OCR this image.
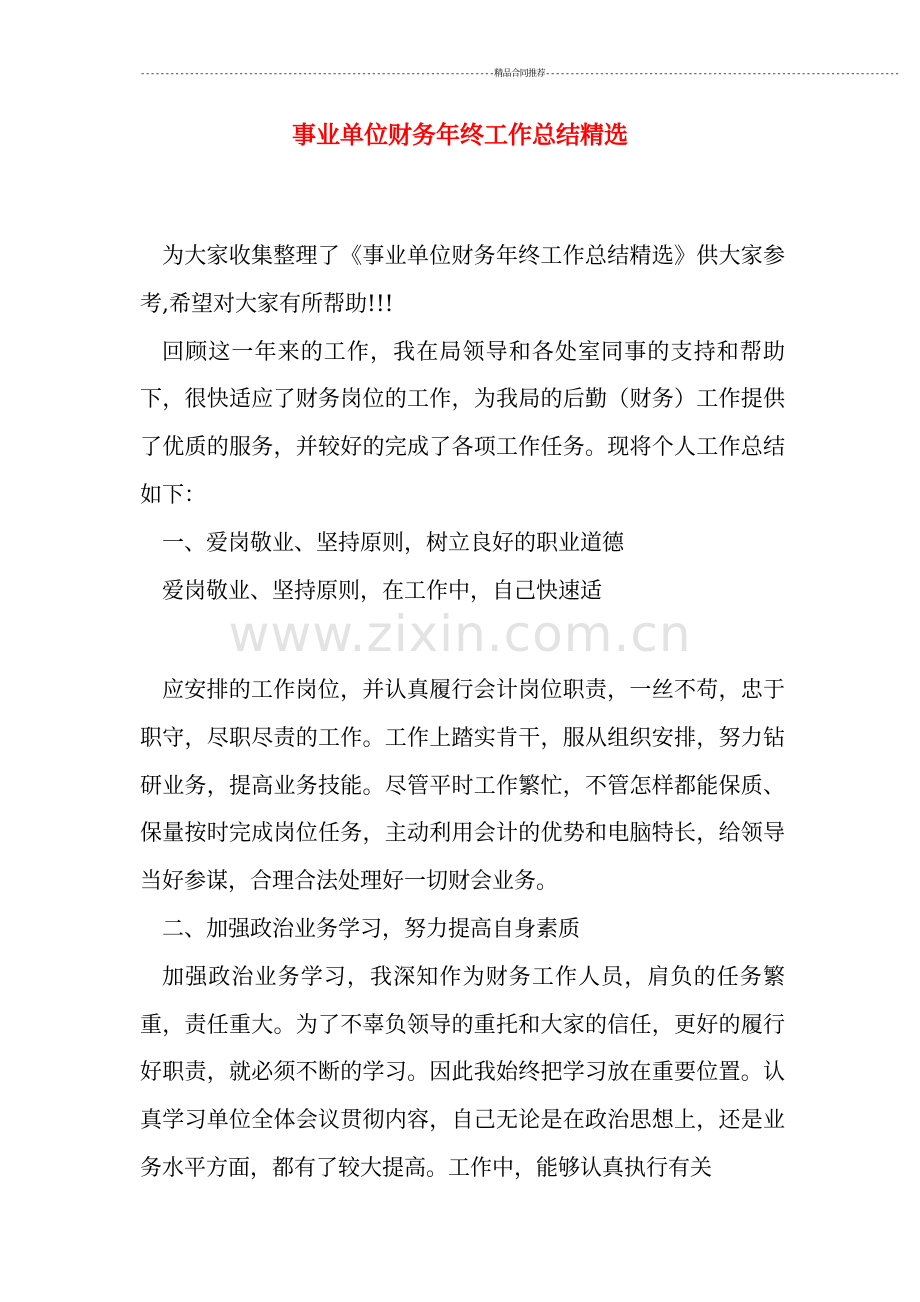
------------------------------------------------------------------------精品合同推荐------------------------------------------------------------------------
事业单位财务年终工作总结精选

为大家收集整理了《事业单位财务年终工作总结精选》供大家参考,希望对大家有所帮助!!!

回顾这一年来的工作，我在局领导和各处室同事的支持和帮助下，很快适应了财务岗位的工作，为我局的后勤（财务）工作提供了优质的服务，并较好的完成了各项工作任务。现将个人工作总结如下：

一、爱岗敬业、坚持原则，树立良好的职业道德

爱岗敬业、坚持原则，在工作中，自己快速适

www.zixin.com.cn

应安排的工作岗位，并认真履行会计岗位职责，一丝不苟，忠于职守，尽职尽责的工作。工作上踏实肯干，服从组织安排，努力钻研业务，提高业务技能。尽管平时工作繁忙，不管怎样都能保质、保量按时完成岗位任务，主动利用会计的优势和电脑特长，给领导当好参谋，合理合法处理好一切财会业务。

二、加强政治业务学习，努力提高自身素质

加强政治业务学习，我深知作为财务工作人员，肩负的任务繁重，责任重大。为了不辜负领导的重托和大家的信任，更好的履行好职责，就必须不断的学习。因此我始终把学习放在重要位置。认真学习单位全体会议贯彻内容，自己无论是在政治思想上，还是业务水平方面，都有了较大提高。工作中，能够认真执行有关
